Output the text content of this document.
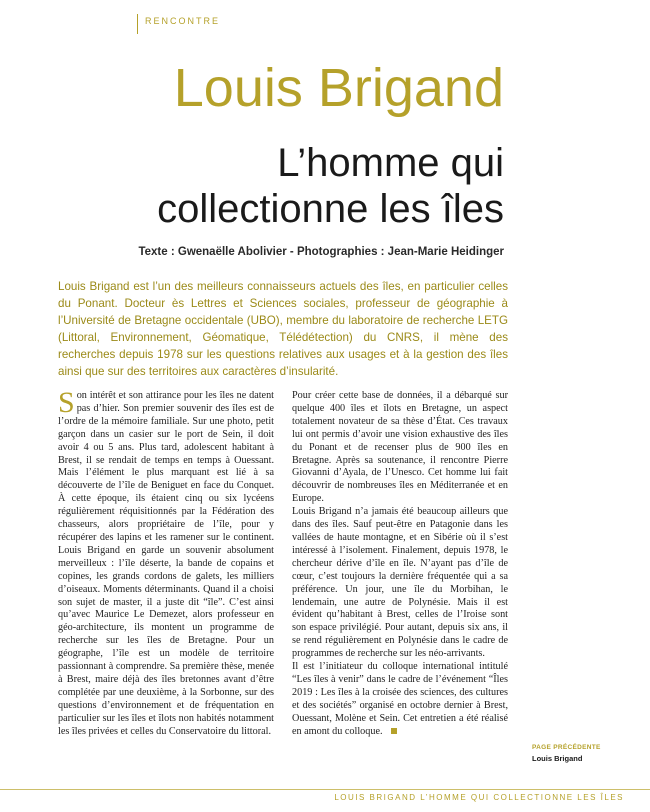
RENCONTRE
Louis Brigand
L’homme qui
collectionne les îles
Texte : Gwenaëlle Abolivier - Photographies : Jean-Marie Heidinger
Louis Brigand est l’un des meilleurs connaisseurs actuels des îles, en particulier celles du Ponant. Docteur ès Lettres et Sciences sociales, professeur de géographie à l’Université de Bretagne occidentale (UBO), membre du laboratoire de recherche LETG (Littoral, Environnement, Géomatique, Télédétection) du CNRS, il mène des recherches depuis 1978 sur les questions relatives aux usages et à la gestion des îles ainsi que sur des territoires aux caractères d’insularité.

Son intérêt et son attirance pour les îles ne datent pas d’hier. Son premier souvenir des îles est de l’ordre de la mémoire familiale. Sur une photo, petit garçon dans un casier sur le port de Sein, il doit avoir 4 ou 5 ans. Plus tard, adolescent habitant à Brest, il se rendait de temps en temps à Ouessant. Mais l’élément le plus marquant est lié à sa découverte de l’île de Beniguet en face du Conquet. À cette époque, ils étaient cinq ou six lycéens régulièrement réquisitionnés par la Fédération des chasseurs, alors propriétaire de l’île, pour y récupérer des lapins et les ramener sur le continent. Louis Brigand en garde un souvenir absolument merveilleux : l’île déserte, la bande de copains et copines, les grands cordons de galets, les milliers d’oiseaux. Moments déterminants. Quand il a choisi son sujet de master, il a juste dit “île”. C’est ainsi qu’avec Maurice Le Demezet, alors professeur en géo-architecture, ils montent un programme de recherche sur les îles de Bretagne. Pour un géographe, l’île est un modèle de territoire passionnant à comprendre. Sa première thèse, menée à Brest, maire déjà des îles bretonnes avant d’être complétée par une deuxième, à la Sorbonne, sur des questions d’environnement et de fréquentation en particulier sur les îles et îlots non habités notamment les îles privées et celles du Conservatoire du littoral.

Pour créer cette base de données, il a débarqué sur quelque 400 îles et îlots en Bretagne, un aspect totalement novateur de sa thèse d’État. Ces travaux lui ont permis d’avoir une vision exhaustive des îles du Ponant et de recenser plus de 900 îles en Bretagne. Après sa soutenance, il rencontre Pierre Giovanni d’Ayala, de l’Unesco. Cet homme lui fait découvrir de nombreuses îles en Méditerranée et en Europe.

Louis Brigand n’a jamais été beaucoup ailleurs que dans des îles. Sauf peut-être en Patagonie dans les vallées de haute montagne, et en Sibérie où il s’est intéressé à l’isolement. Finalement, depuis 1978, le chercheur dérive d’île en île. N’ayant pas d’île de cœur, c’est toujours la dernière fréquentée qui a sa préférence. Un jour, une île du Morbihan, le lendemain, une autre de Polynésie. Mais il est évident qu’habitant à Brest, celles de l’Iroise sont son espace privilégié. Pour autant, depuis six ans, il se rend régulièrement en Polynésie dans le cadre de programmes de recherche sur les néo-arrivants.

Il est l’initiateur du colloque international intitulé “Les îles à venir” dans le cadre de l’événement “Îles 2019 : Les îles à la croisée des sciences, des cultures et des sociétés” organisé en octobre dernier à Brest, Ouessant, Molène et Sein. Cet entretien a été réalisé en amont du colloque.

PAGE PRÉCÉDENTE
Louis Brigand
LOUIS BRIGAND L’HOMME QUI COLLECTIONNE LES ÎLES
